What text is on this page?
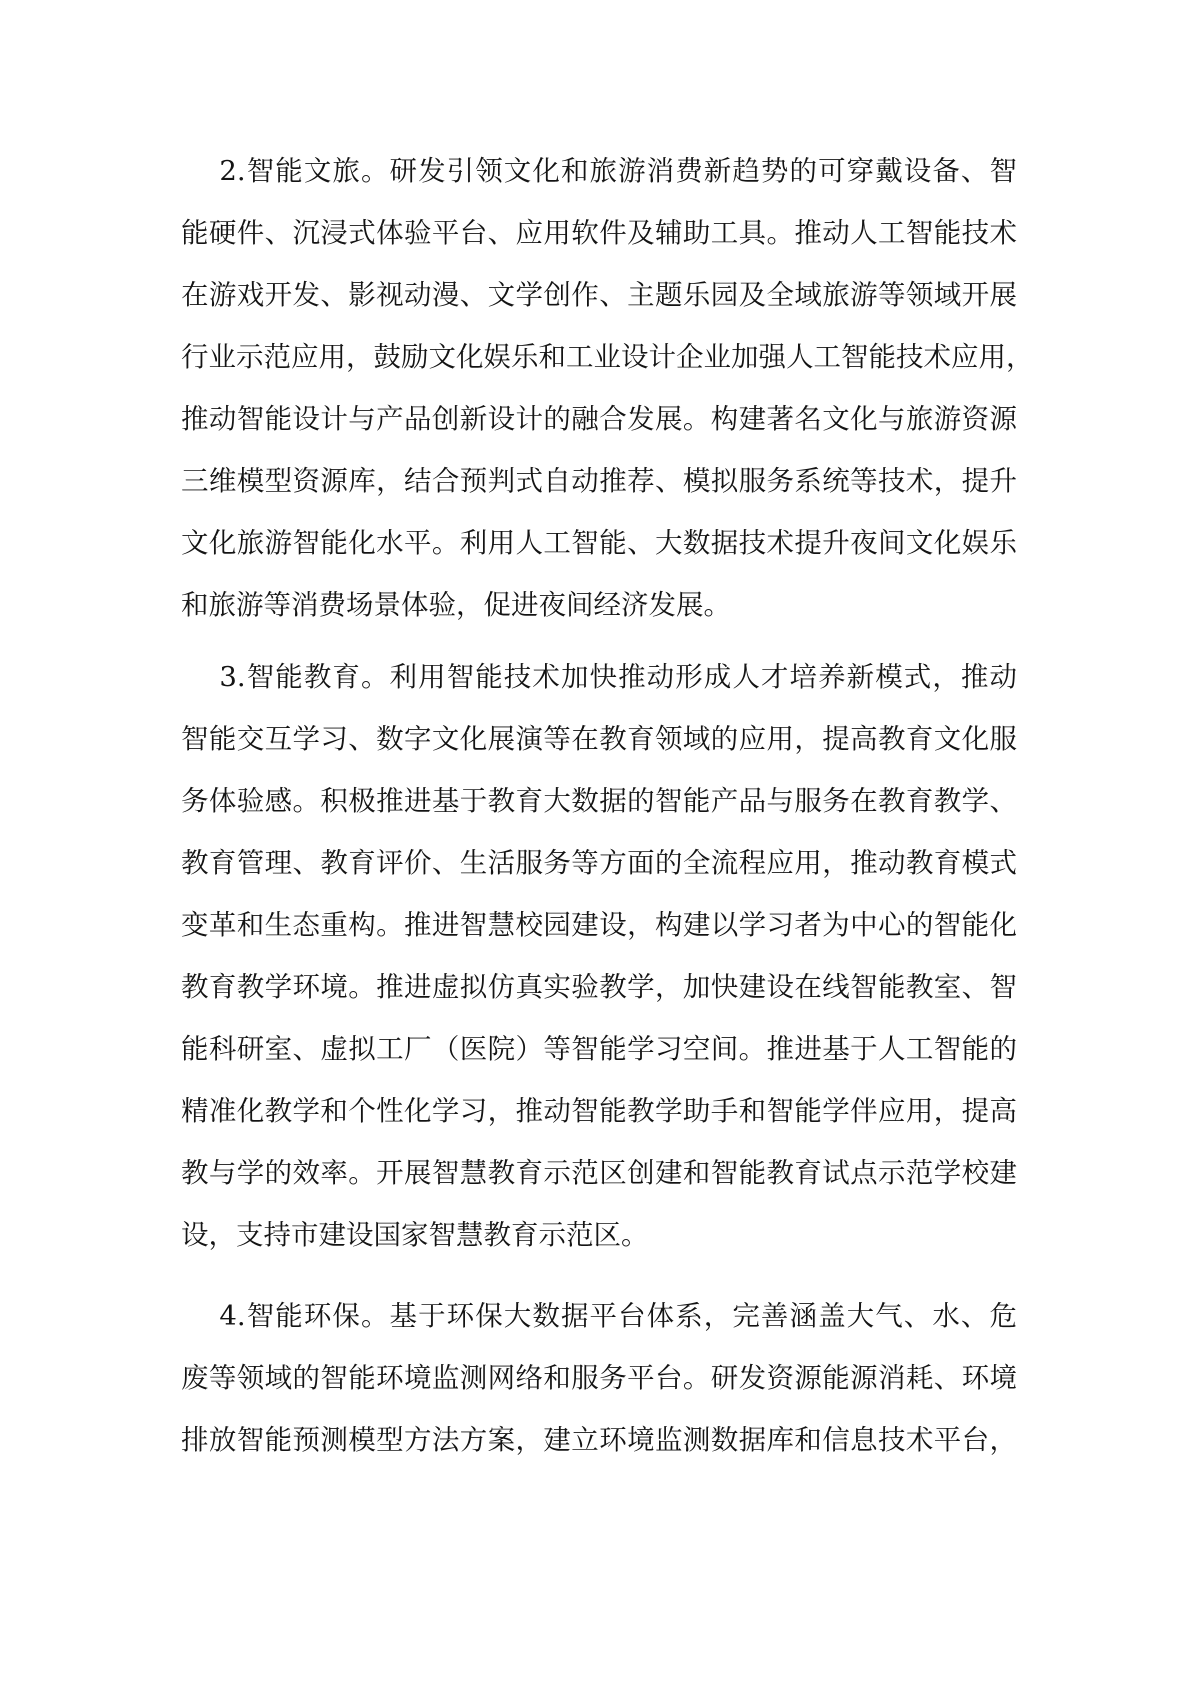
　 2.智能文旅。研发引领文化和旅游消费新趋势的可穿戴设备、智
能硬件、沉浸式体验平台、应用软件及辅助工具。推动人工智能技术
在游戏开发、影视动漫、文学创作、主题乐园及全域旅游等领域开展
行业示范应用，鼓励文化娱乐和工业设计企业加强人工智能技术应用，
推动智能设计与产品创新设计的融合发展。构建著名文化与旅游资源
三维模型资源库，结合预判式自动推荐、模拟服务系统等技术，提升
文化旅游智能化水平。利用人工智能、大数据技术提升夜间文化娱乐
和旅游等消费场景体验，促进夜间经济发展。
　 3.智能教育。利用智能技术加快推动形成人才培养新模式，推动
智能交互学习、数字文化展演等在教育领域的应用，提高教育文化服
务体验感。积极推进基于教育大数据的智能产品与服务在教育教学、
教育管理、教育评价、生活服务等方面的全流程应用，推动教育模式
变革和生态重构。推进智慧校园建设，构建以学习者为中心的智能化
教育教学环境。推进虚拟仿真实验教学，加快建设在线智能教室、智
能科研室、虚拟工厂（医院）等智能学习空间。推进基于人工智能的
精准化教学和个性化学习，推动智能教学助手和智能学伴应用，提高
教与学的效率。开展智慧教育示范区创建和智能教育试点示范学校建
设，支持市建设国家智慧教育示范区。
　 4.智能环保。基于环保大数据平台体系，完善涵盖大气、水、危
废等领域的智能环境监测网络和服务平台。研发资源能源消耗、环境
排放智能预测模型方法方案，建立环境监测数据库和信息技术平台，
